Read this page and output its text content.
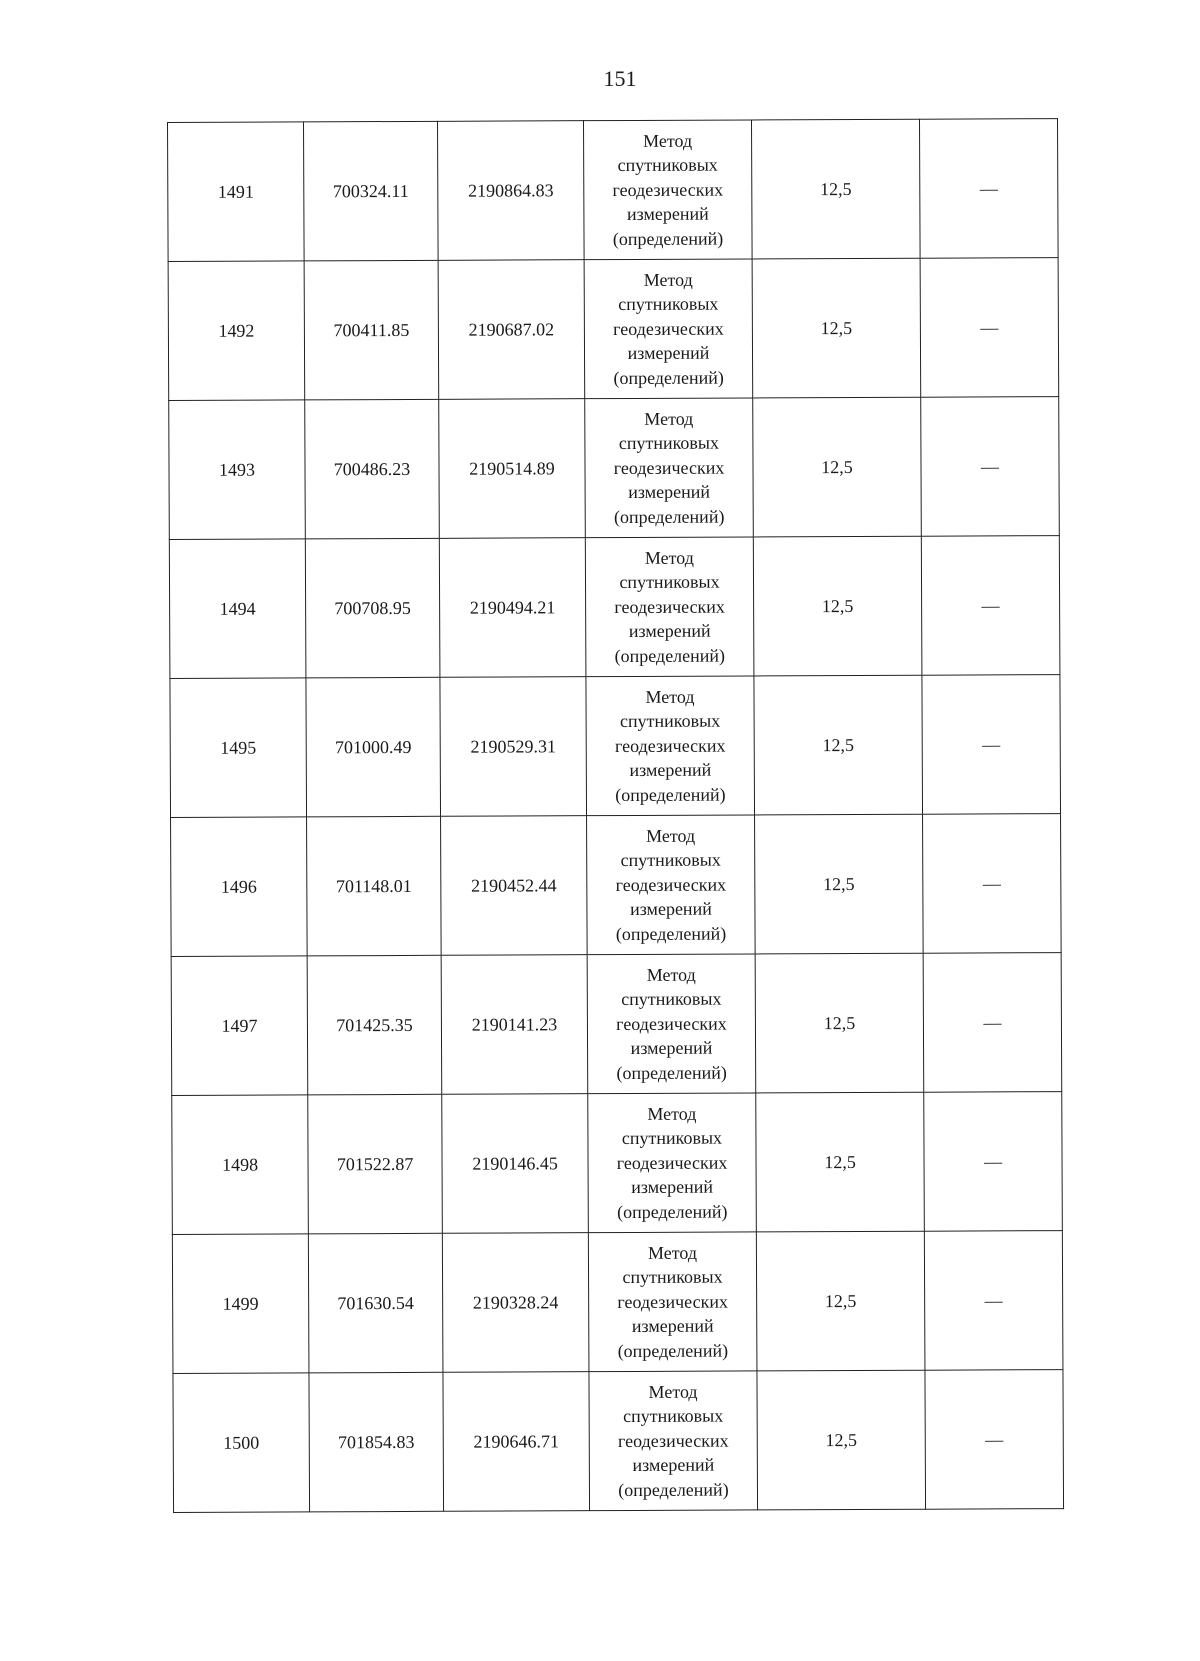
151
1491	700324.11	2190864.83	Метод
спутниковых
геодезических
измерений
(определений)	12,5	—
1492	700411.85	2190687.02	Метод
спутниковых
геодезических
измерений
(определений)	12,5	—
1493	700486.23	2190514.89	Метод
спутниковых
геодезических
измерений
(определений)	12,5	—
1494	700708.95	2190494.21	Метод
спутниковых
геодезических
измерений
(определений)	12,5	—
1495	701000.49	2190529.31	Метод
спутниковых
геодезических
измерений
(определений)	12,5	—
1496	701148.01	2190452.44	Метод
спутниковых
геодезических
измерений
(определений)	12,5	—
1497	701425.35	2190141.23	Метод
спутниковых
геодезических
измерений
(определений)	12,5	—
1498	701522.87	2190146.45	Метод
спутниковых
геодезических
измерений
(определений)	12,5	—
1499	701630.54	2190328.24	Метод
спутниковых
геодезических
измерений
(определений)	12,5	—
1500	701854.83	2190646.71	Метод
спутниковых
геодезических
измерений
(определений)	12,5	—
